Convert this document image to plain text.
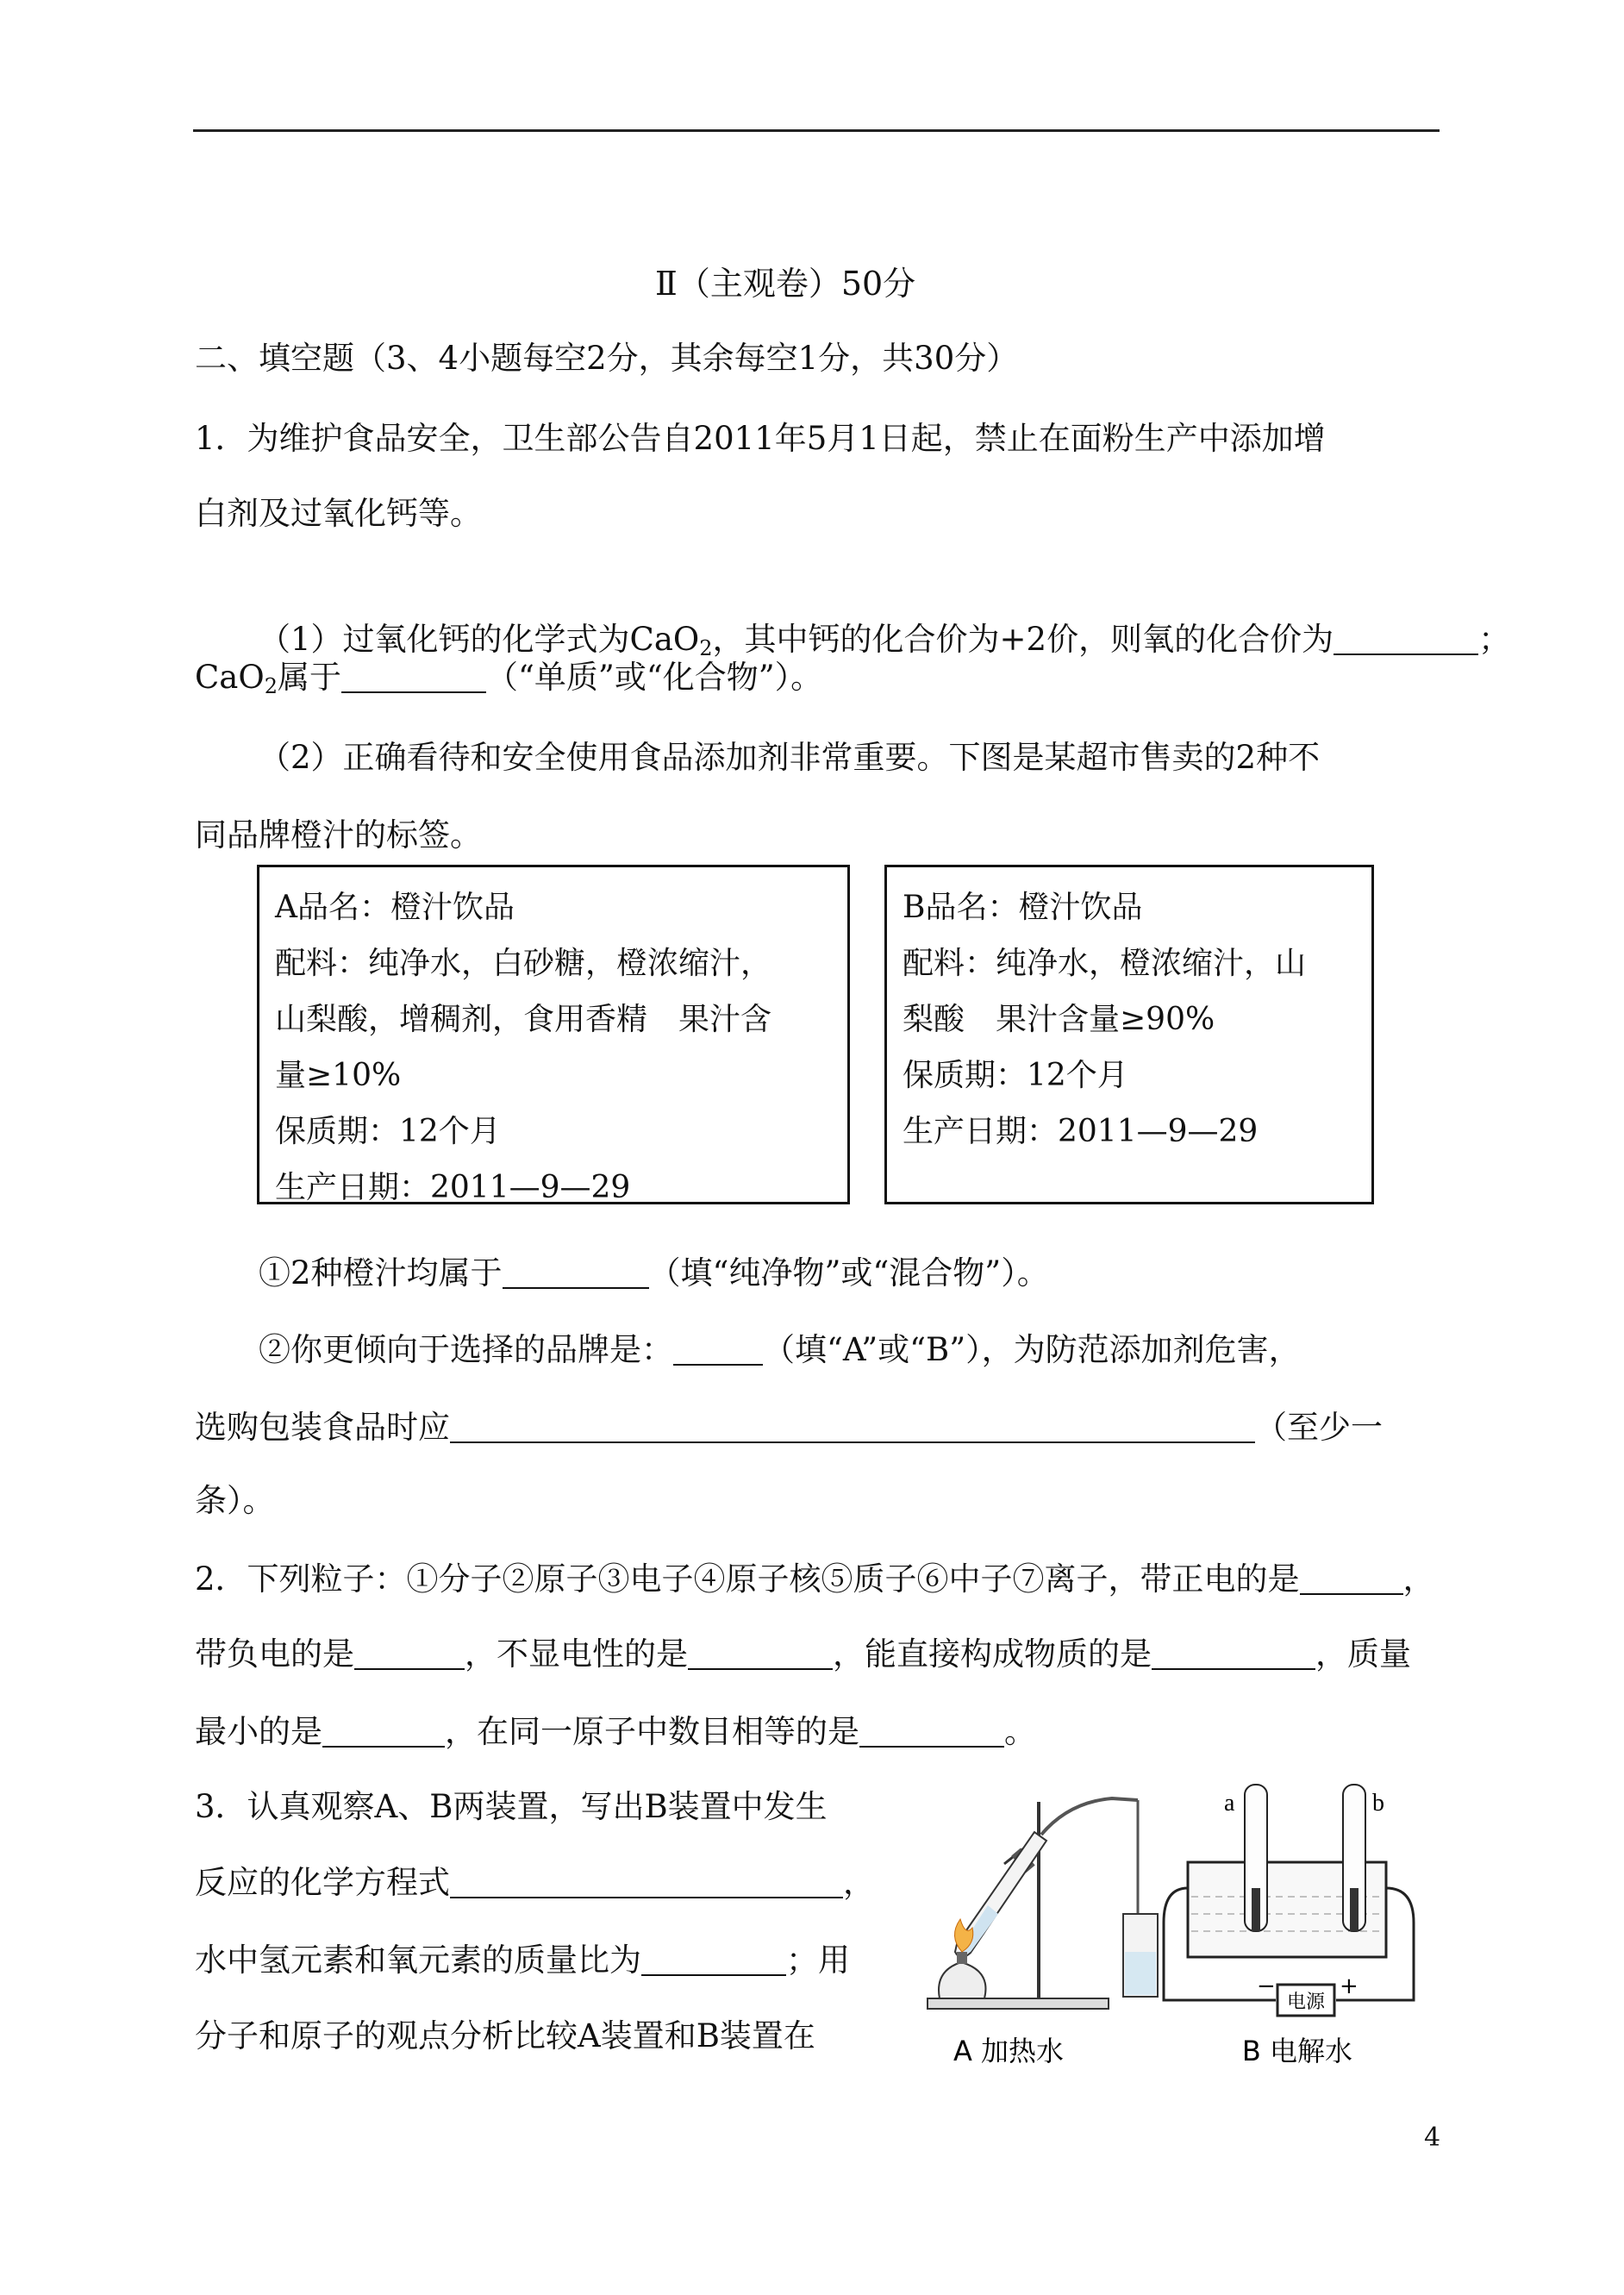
Ⅱ（主观卷）50分
二、填空题（3、4小题每空2分，其余每空1分，共30分）
1．为维护食品安全，卫生部公告自2011年5月1日起，禁止在面粉生产中添加增
白剂及过氧化钙等。
（1）过氧化钙的化学式为CaO$_2$，其中钙的化合价为+2价，则氧的化合价为	；
CaO$_2$属于	（“单质”或“化合物”）。
（2）正确看待和安全使用食品添加剂非常重要。下图是某超市售卖的2种不
同品牌橙汁的标签。
A品名：橙汁饮品
配料：纯净水，白砂糖，橙浓缩汁，
山梨酸，增稠剂，食用香精　果汁含
量≥10%
保质期：12个月
生产日期：2011—9—29
B品名：橙汁饮品
配料：纯净水，橙浓缩汁，山
梨酸　果汁含量≥90%
保质期：12个月
生产日期：2011—9—29
①2种橙汁均属于	（填“纯净物”或“混合物”）。
②你更倾向于选择的品牌是：	（填“A”或“B”），为防范添加剂危害，
选购包装食品时应	（至少一
条）。
2．下列粒子：①分子②原子③电子④原子核⑤质子⑥中子⑦离子，带正电的是	，
带负电的是	，不显电性的是	，能直接构成物质的是	，质量
最小的是	，在同一原子中数目相等的是	。
3．认真观察A、B两装置，写出B装置中发生
反应的化学方程式	，
水中氢元素和氧元素的质量比为	；用
分子和原子的观点分析比较A装置和B装置在
a	b
电源
−	+
A 加热水	B 电解水
4
